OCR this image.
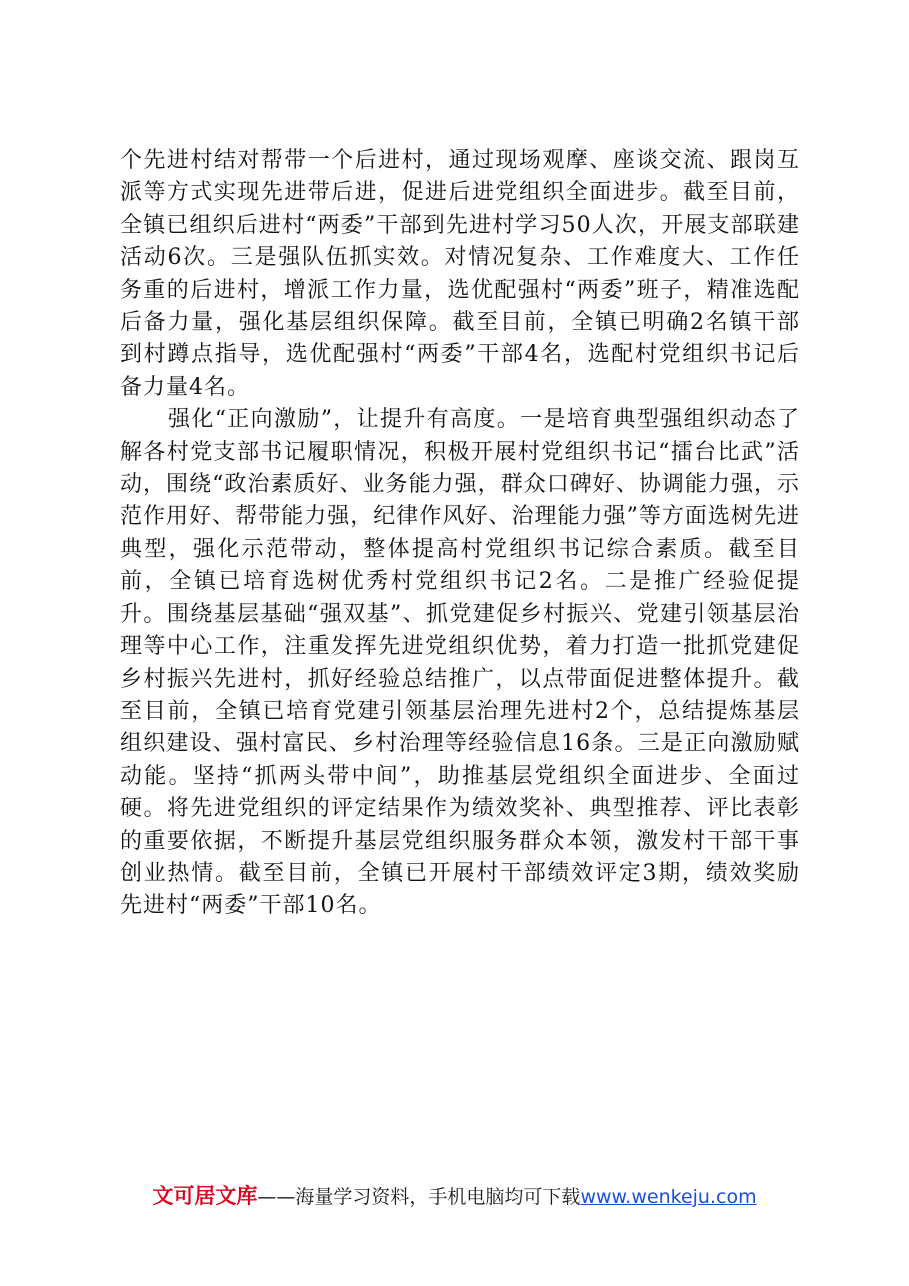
个先进村结对帮带一个后进村，通过现场观摩、座谈交流、跟岗互派等方式实现先进带后进，促进后进党组织全面进步。截至目前，全镇已组织后进村“两委”干部到先进村学习50人次，开展支部联建活动6次。三是强队伍抓实效。对情况复杂、工作难度大、工作任务重的后进村，增派工作力量，选优配强村“两委”班子，精准选配后备力量，强化基层组织保障。截至目前，全镇已明确2名镇干部到村蹲点指导，选优配强村“两委”干部4名，选配村党组织书记后备力量4名。

强化“正向激励”，让提升有高度。一是培育典型强组织动态了解各村党支部书记履职情况，积极开展村党组织书记“擂台比武”活动，围绕“政治素质好、业务能力强，群众口碑好、协调能力强，示范作用好、帮带能力强，纪律作风好、治理能力强”等方面选树先进典型，强化示范带动，整体提高村党组织书记综合素质。截至目前，全镇已培育选树优秀村党组织书记2名。二是推广经验促提升。围绕基层基础“强双基”、抓党建促乡村振兴、党建引领基层治理等中心工作，注重发挥先进党组织优势，着力打造一批抓党建促乡村振兴先进村，抓好经验总结推广，以点带面促进整体提升。截至目前，全镇已培育党建引领基层治理先进村2个，总结提炼基层组织建设、强村富民、乡村治理等经验信息16条。三是正向激励赋动能。坚持“抓两头带中间”，助推基层党组织全面进步、全面过硬。将先进党组织的评定结果作为绩效奖补、典型推荐、评比表彰的重要依据，不断提升基层党组织服务群众本领，激发村干部干事创业热情。截至目前，全镇已开展村干部绩效评定3期，绩效奖励先进村“两委”干部10名。

文可居文库——海量学习资料，手机电脑均可下载www.wenkeju.com
